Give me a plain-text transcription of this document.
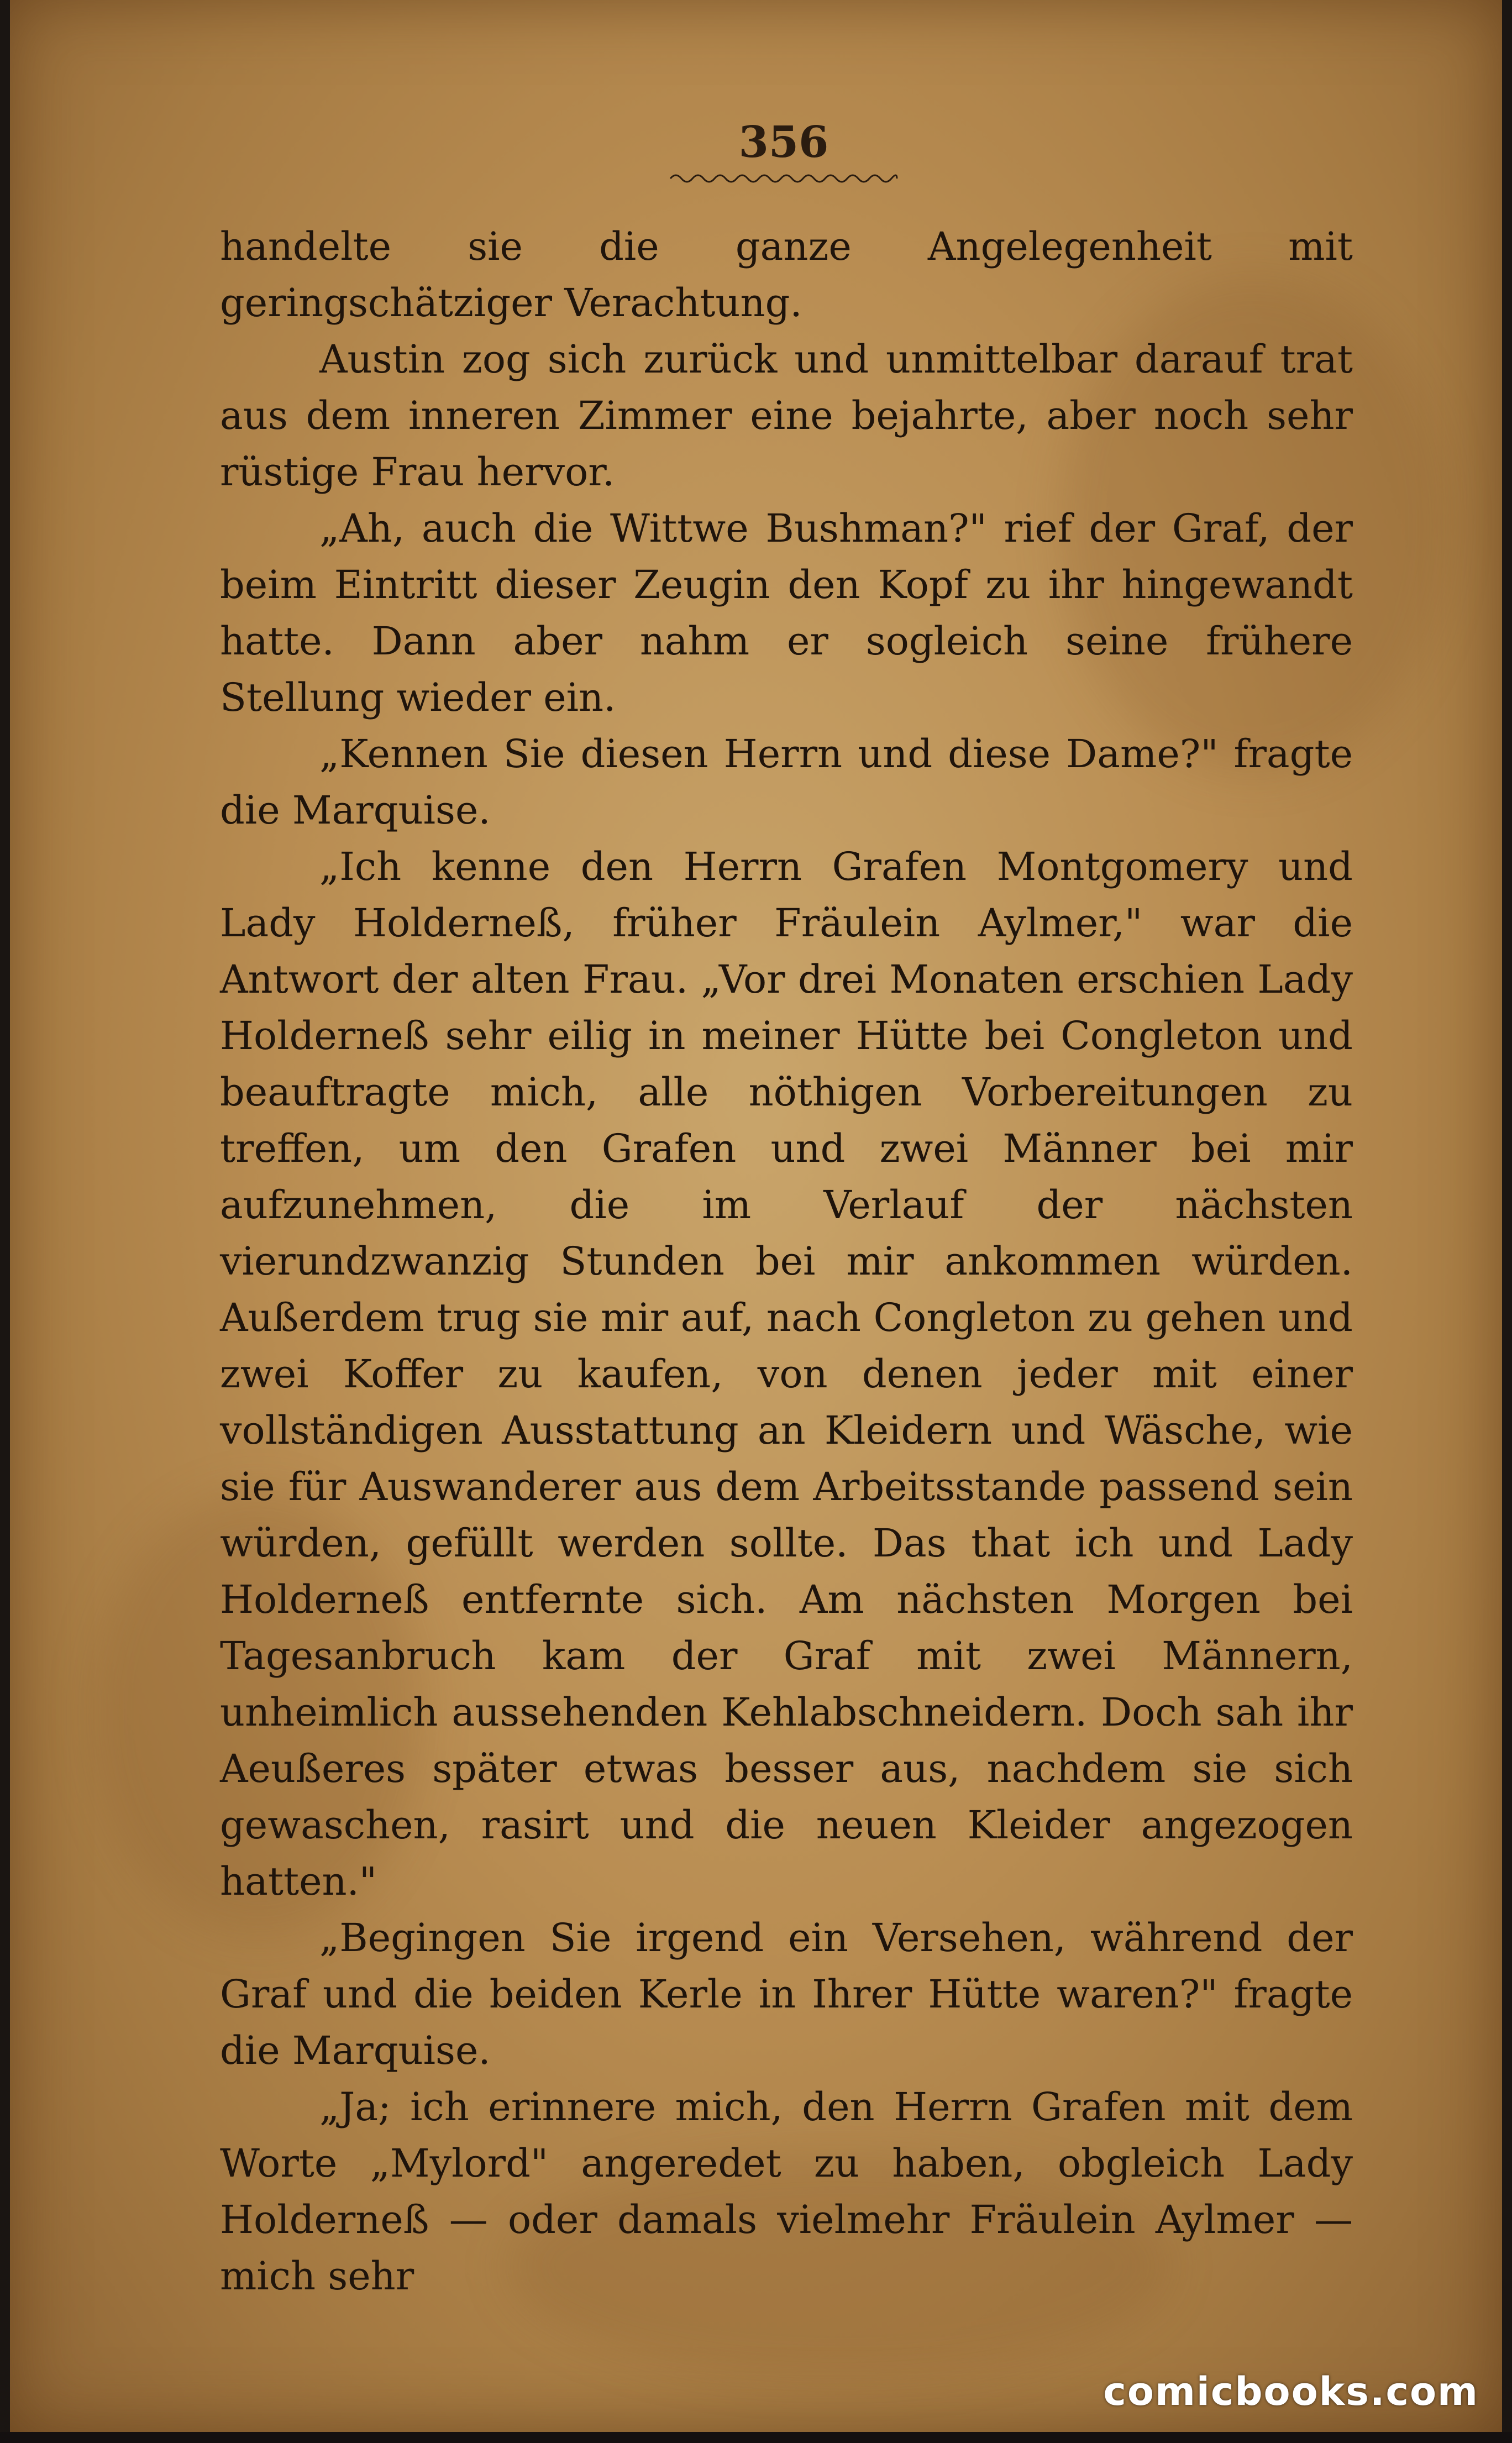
356

handelte sie die ganze Angelegenheit mit geringschätziger Verachtung.

Austin zog sich zurück und unmittelbar darauf trat aus dem inneren Zimmer eine bejahrte, aber noch sehr rüstige Frau hervor.

„Ah, auch die Wittwe Bushman?" rief der Graf, der beim Eintritt dieser Zeugin den Kopf zu ihr hingewandt hatte. Dann aber nahm er sogleich seine frühere Stellung wieder ein.

„Kennen Sie diesen Herrn und diese Dame?" fragte die Marquise.

„Ich kenne den Herrn Grafen Montgomery und Lady Holderneß, früher Fräulein Aylmer," war die Antwort der alten Frau. „Vor drei Monaten erschien Lady Holderneß sehr eilig in meiner Hütte bei Congleton und beauftragte mich, alle nöthigen Vorbereitungen zu treffen, um den Grafen und zwei Männer bei mir aufzunehmen, die im Verlauf der nächsten vierundzwanzig Stunden bei mir ankommen würden. Außerdem trug sie mir auf, nach Congleton zu gehen und zwei Koffer zu kaufen, von denen jeder mit einer vollständigen Ausstattung an Kleidern und Wäsche, wie sie für Auswanderer aus dem Arbeitsstande passend sein würden, gefüllt werden sollte. Das that ich und Lady Holderneß entfernte sich. Am nächsten Morgen bei Tagesanbruch kam der Graf mit zwei Männern, unheimlich aussehenden Kehlabschneidern. Doch sah ihr Aeußeres später etwas besser aus, nachdem sie sich gewaschen, rasirt und die neuen Kleider angezogen hatten."

„Begingen Sie irgend ein Versehen, während der Graf und die beiden Kerle in Ihrer Hütte waren?" fragte die Marquise.

„Ja; ich erinnere mich, den Herrn Grafen mit dem Worte „Mylord" angeredet zu haben, obgleich Lady Holderneß — oder damals vielmehr Fräulein Aylmer — mich sehr

comicbooks.com
